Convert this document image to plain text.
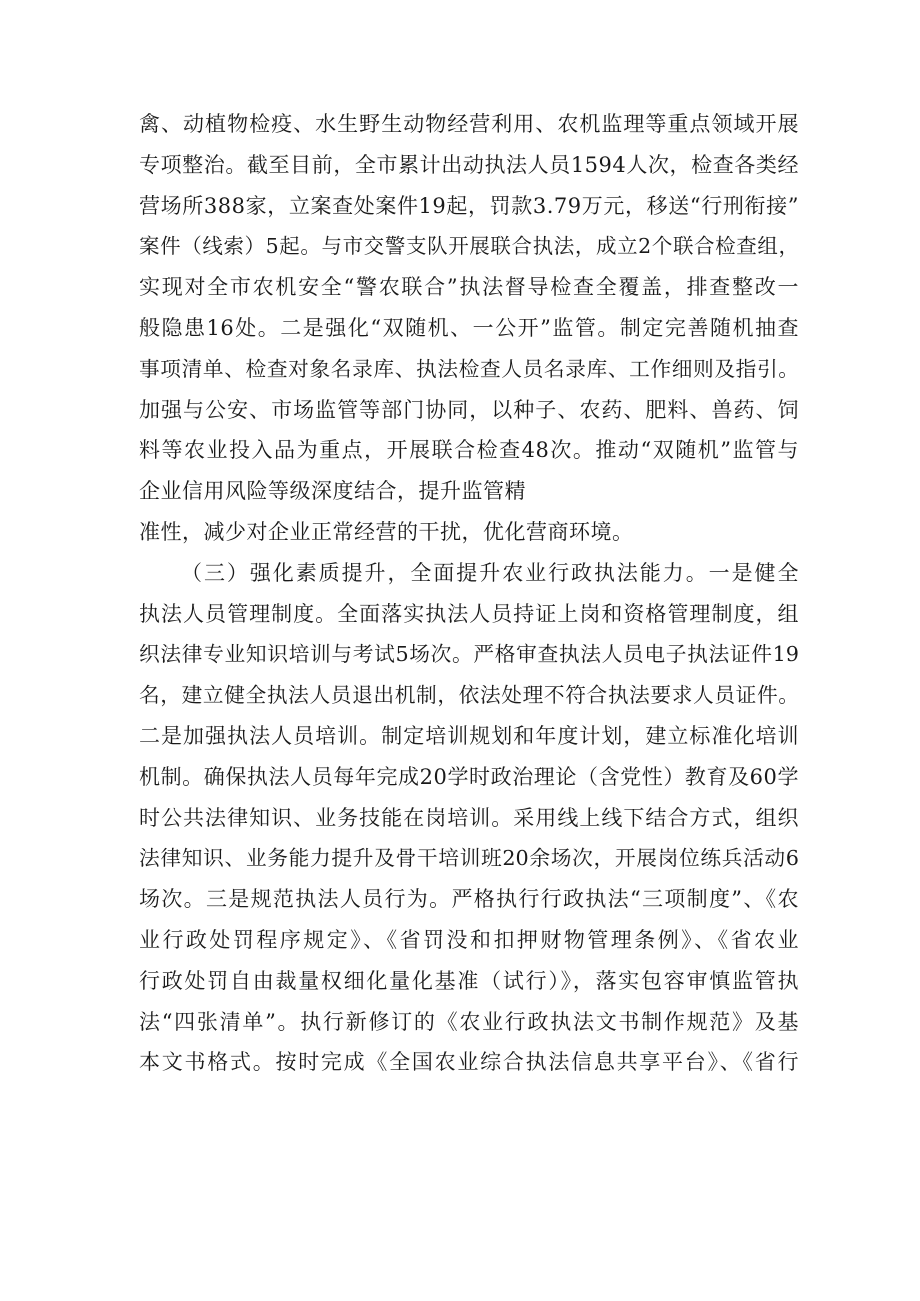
禽、动植物检疫、水生野生动物经营利用、农机监理等重点领域开展
专项整治。截至目前，全市累计出动执法人员1594人次，检查各类经
营场所388家，立案查处案件19起，罚款3.79万元，移送“行刑衔接”
案件（线索）5起。与市交警支队开展联合执法，成立2个联合检查组，
实现对全市农机安全“警农联合”执法督导检查全覆盖，排查整改一
般隐患16处。二是强化“双随机、一公开”监管。制定完善随机抽查
事项清单、检查对象名录库、执法检查人员名录库、工作细则及指引。
加强与公安、市场监管等部门协同，以种子、农药、肥料、兽药、饲
料等农业投入品为重点，开展联合检查48次。推动“双随机”监管与
企业信用风险等级深度结合，提升监管精
准性，减少对企业正常经营的干扰，优化营商环境。
（三）强化素质提升，全面提升农业行政执法能力。一是健全
执法人员管理制度。全面落实执法人员持证上岗和资格管理制度，组
织法律专业知识培训与考试5场次。严格审查执法人员电子执法证件19
名，建立健全执法人员退出机制，依法处理不符合执法要求人员证件。
二是加强执法人员培训。制定培训规划和年度计划，建立标准化培训
机制。确保执法人员每年完成20学时政治理论（含党性）教育及60学
时公共法律知识、业务技能在岗培训。采用线上线下结合方式，组织
法律知识、业务能力提升及骨干培训班20余场次，开展岗位练兵活动6
场次。三是规范执法人员行为。严格执行行政执法“三项制度”、《农
业行政处罚程序规定》、《省罚没和扣押财物管理条例》、《省农业
行政处罚自由裁量权细化量化基准（试行）》，落实包容审慎监管执
法“四张清单”。执行新修订的《农业行政执法文书制作规范》及基
本文书格式。按时完成《全国农业综合执法信息共享平台》、《省行
